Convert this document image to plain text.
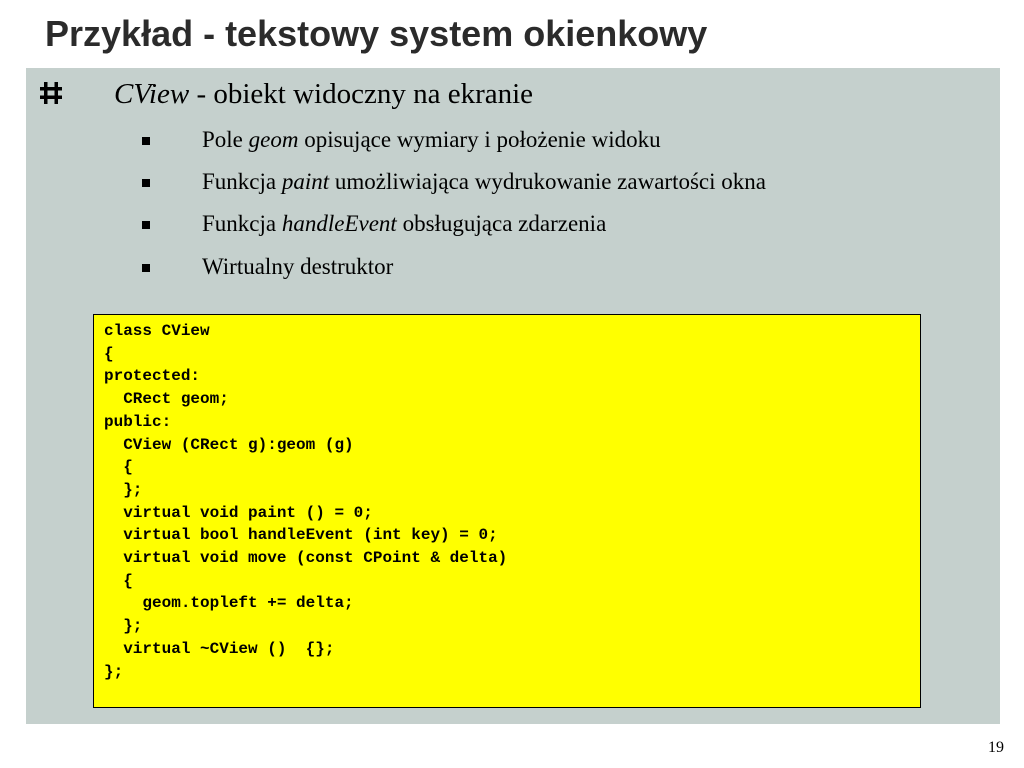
Przykład - tekstowy system okienkowy

CView - obiekt widoczny na ekranie

Pole geom opisujące wymiary i położenie widoku
Funkcja paint umożliwiająca wydrukowanie zawartości okna
Funkcja handleEvent obsługująca zdarzenia
Wirtualny destruktor
class CView
{
protected:
CRect geom;
public:
CView (CRect g):geom (g)
{
};
virtual void paint () = 0;
virtual bool handleEvent (int key) = 0;
virtual void move (const CPoint & delta)
{
geom.topleft += delta;
};
virtual ~CView ()  {};
};
19
